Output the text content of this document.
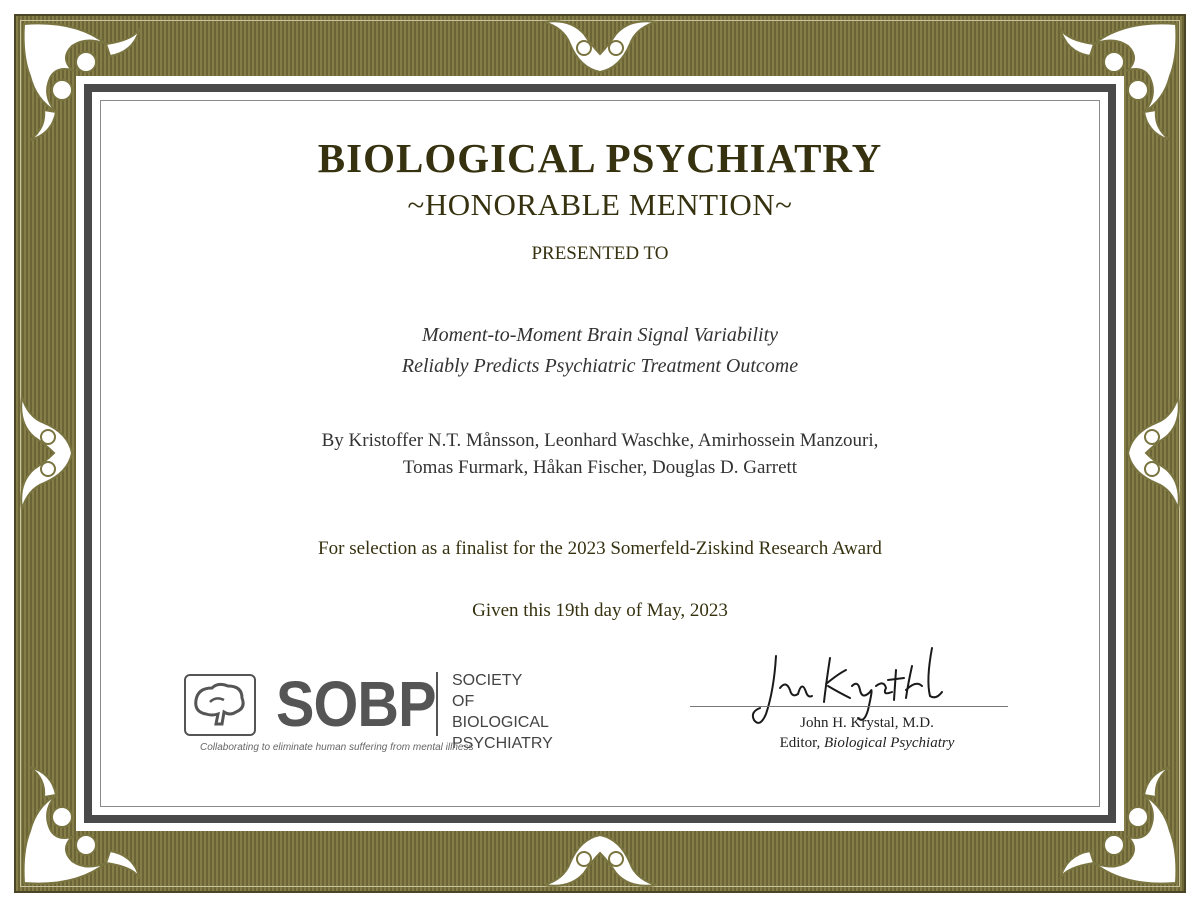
BIOLOGICAL PSYCHIATRY
~HONORABLE MENTION~
PRESENTED TO
Moment-to-Moment Brain Signal Variability
Reliably Predicts Psychiatric Treatment Outcome
By Kristoffer N.T. Månsson, Leonhard Waschke, Amirhossein Manzouri,
Tomas Furmark, Håkan Fischer, Douglas D. Garrett
For selection as a finalist for the 2023 Somerfeld-Ziskind Research Award
Given this 19th day of May, 2023
SOBP SOCIETY OF
BIOLOGICAL
PSYCHIATRY
Collaborating to eliminate human suffering from mental illness
John H. Krystal, M.D.
Editor, Biological Psychiatry
